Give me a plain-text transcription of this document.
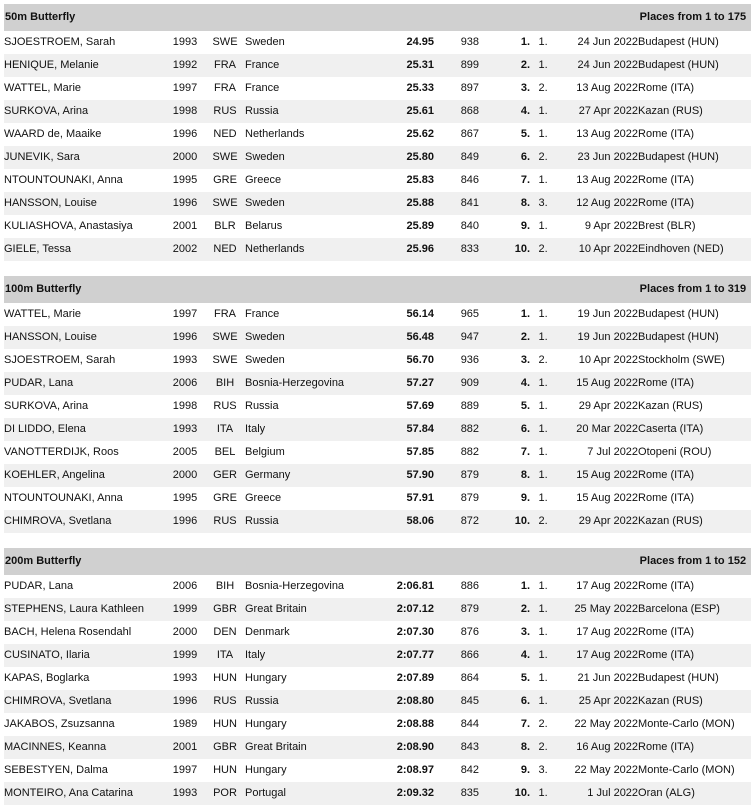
50m Butterfly				Places from 1 to 175					
SJOESTROEM, Sarah	1993	SWE	Sweden	24.95	938	1.	1.	24 Jun 2022	Budapest (HUN)
HENIQUE, Melanie	1992	FRA	France	25.31	899	2.	1.	24 Jun 2022	Budapest (HUN)
WATTEL, Marie	1997	FRA	France	25.33	897	3.	2.	13 Aug 2022	Rome (ITA)
SURKOVA, Arina	1998	RUS	Russia	25.61	868	4.	1.	27 Apr 2022	Kazan (RUS)
WAARD de, Maaike	1996	NED	Netherlands	25.62	867	5.	1.	13 Aug 2022	Rome (ITA)
JUNEVIK, Sara	2000	SWE	Sweden	25.80	849	6.	2.	23 Jun 2022	Budapest (HUN)
NTOUNTOUNAKI, Anna	1995	GRE	Greece	25.83	846	7.	1.	13 Aug 2022	Rome (ITA)
HANSSON, Louise	1996	SWE	Sweden	25.88	841	8.	3.	12 Aug 2022	Rome (ITA)
KULIASHOVA, Anastasiya	2001	BLR	Belarus	25.89	840	9.	1.	9 Apr 2022	Brest (BLR)
GIELE, Tessa	2002	NED	Netherlands	25.96	833	10.	2.	10 Apr 2022	Eindhoven (NED)

100m Butterfly				Places from 1 to 319					
WATTEL, Marie	1997	FRA	France	56.14	965	1.	1.	19 Jun 2022	Budapest (HUN)
HANSSON, Louise	1996	SWE	Sweden	56.48	947	2.	1.	19 Jun 2022	Budapest (HUN)
SJOESTROEM, Sarah	1993	SWE	Sweden	56.70	936	3.	2.	10 Apr 2022	Stockholm (SWE)
PUDAR, Lana	2006	BIH	Bosnia-Herzegovina	57.27	909	4.	1.	15 Aug 2022	Rome (ITA)
SURKOVA, Arina	1998	RUS	Russia	57.69	889	5.	1.	29 Apr 2022	Kazan (RUS)
DI LIDDO, Elena	1993	ITA	Italy	57.84	882	6.	1.	20 Mar 2022	Caserta (ITA)
VANOTTERDIJK, Roos	2005	BEL	Belgium	57.85	882	7.	1.	7 Jul 2022	Otopeni (ROU)
KOEHLER, Angelina	2000	GER	Germany	57.90	879	8.	1.	15 Aug 2022	Rome (ITA)
NTOUNTOUNAKI, Anna	1995	GRE	Greece	57.91	879	9.	1.	15 Aug 2022	Rome (ITA)
CHIMROVA, Svetlana	1996	RUS	Russia	58.06	872	10.	2.	29 Apr 2022	Kazan (RUS)

200m Butterfly				Places from 1 to 152					
PUDAR, Lana	2006	BIH	Bosnia-Herzegovina	2:06.81	886	1.	1.	17 Aug 2022	Rome (ITA)
STEPHENS, Laura Kathleen	1999	GBR	Great Britain	2:07.12	879	2.	1.	25 May 2022	Barcelona (ESP)
BACH, Helena Rosendahl	2000	DEN	Denmark	2:07.30	876	3.	1.	17 Aug 2022	Rome (ITA)
CUSINATO, Ilaria	1999	ITA	Italy	2:07.77	866	4.	1.	17 Aug 2022	Rome (ITA)
KAPAS, Boglarka	1993	HUN	Hungary	2:07.89	864	5.	1.	21 Jun 2022	Budapest (HUN)
CHIMROVA, Svetlana	1996	RUS	Russia	2:08.80	845	6.	1.	25 Apr 2022	Kazan (RUS)
JAKABOS, Zsuzsanna	1989	HUN	Hungary	2:08.88	844	7.	2.	22 May 2022	Monte-Carlo (MON)
MACINNES, Keanna	2001	GBR	Great Britain	2:08.90	843	8.	2.	16 Aug 2022	Rome (ITA)
SEBESTYEN, Dalma	1997	HUN	Hungary	2:08.97	842	9.	3.	22 May 2022	Monte-Carlo (MON)
MONTEIRO, Ana Catarina	1993	POR	Portugal	2:09.32	835	10.	1.	1 Jul 2022	Oran (ALG)
